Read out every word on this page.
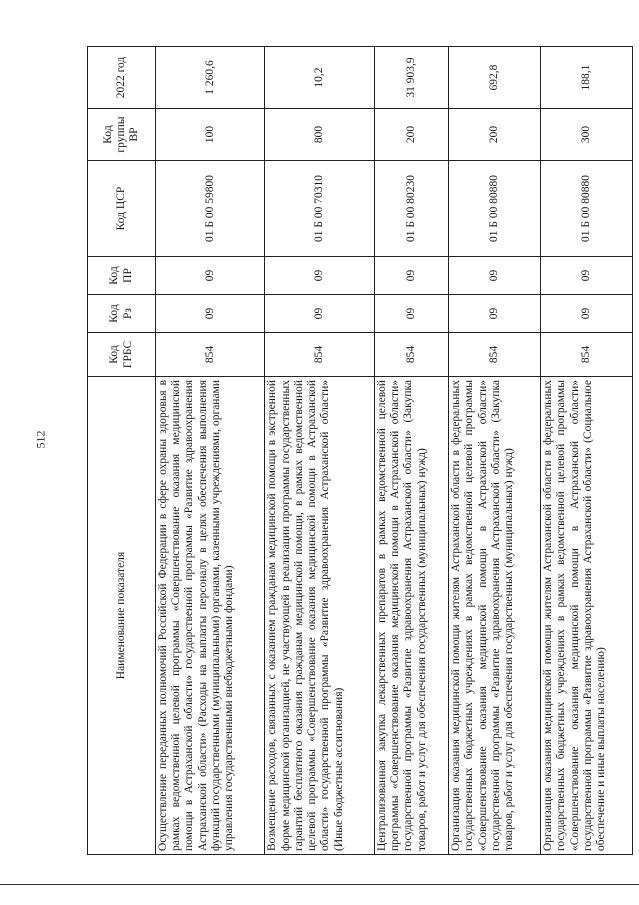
512
Наименование показателя	Код ГРБС	Код Рз	Код ПР	Код ЦСР	Код группы ВР	2022 год
Осуществление переданных полномочий Российской Федерации в сфере охраны здоровья в рамках ведомственной целевой программы «Совершенствование оказания медицинской помощи в Астраханской области» государственной программы «Развитие здравоохранения Астраханской области» (Расходы на выплаты персоналу в целях обеспечения выполнения функций государственными (муниципальными) органами, казенными учреждениями, органами управления государственными внебюджетными фондами)	854	09	09	01 Б 00 59800	100	1 260,6
Возмещение расходов, связанных с оказанием гражданам медицинской помощи в экстренной форме медицинской организацией, не участвующей в реализации программы государственных гарантий бесплатного оказания гражданам медицинской помощи, в рамках ведомственной целевой программы «Совершенствование оказания медицинской помощи в Астраханской области» государственной программы «Развитие здравоохранения Астраханской области» (Иные бюджетные ассигнования)	854	09	09	01 Б 00 70310	800	10,2
Централизованная закупка лекарственных препаратов в рамках ведомственной целевой программы «Совершенствование оказания медицинской помощи в Астраханской области» государственной программы «Развитие здравоохранения Астраханской области» (Закупка товаров, работ и услуг для обеспечения государственных (муниципальных) нужд)	854	09	09	01 Б 00 80230	200	31 903,9
Организация оказания медицинской помощи жителям Астраханской области в федеральных государственных бюджетных учреждениях в рамках ведомственной целевой программы «Совершенствование оказания медицинской помощи в Астраханской области» государственной программы «Развитие здравоохранения Астраханской области» (Закупка товаров, работ и услуг для обеспечения государственных (муниципальных) нужд)	854	09	09	01 Б 00 80880	200	692,8
Организация оказания медицинской помощи жителям Астраханской области в федеральных государственных бюджетных учреждениях в рамках ведомственной целевой программы «Совершенствование оказания медицинской помощи в Астраханской области» государственной программы «Развитие здравоохранения Астраханской области» (Социальное обеспечение и иные выплаты населению)	854	09	09	01 Б 00 80880	300	188,1
